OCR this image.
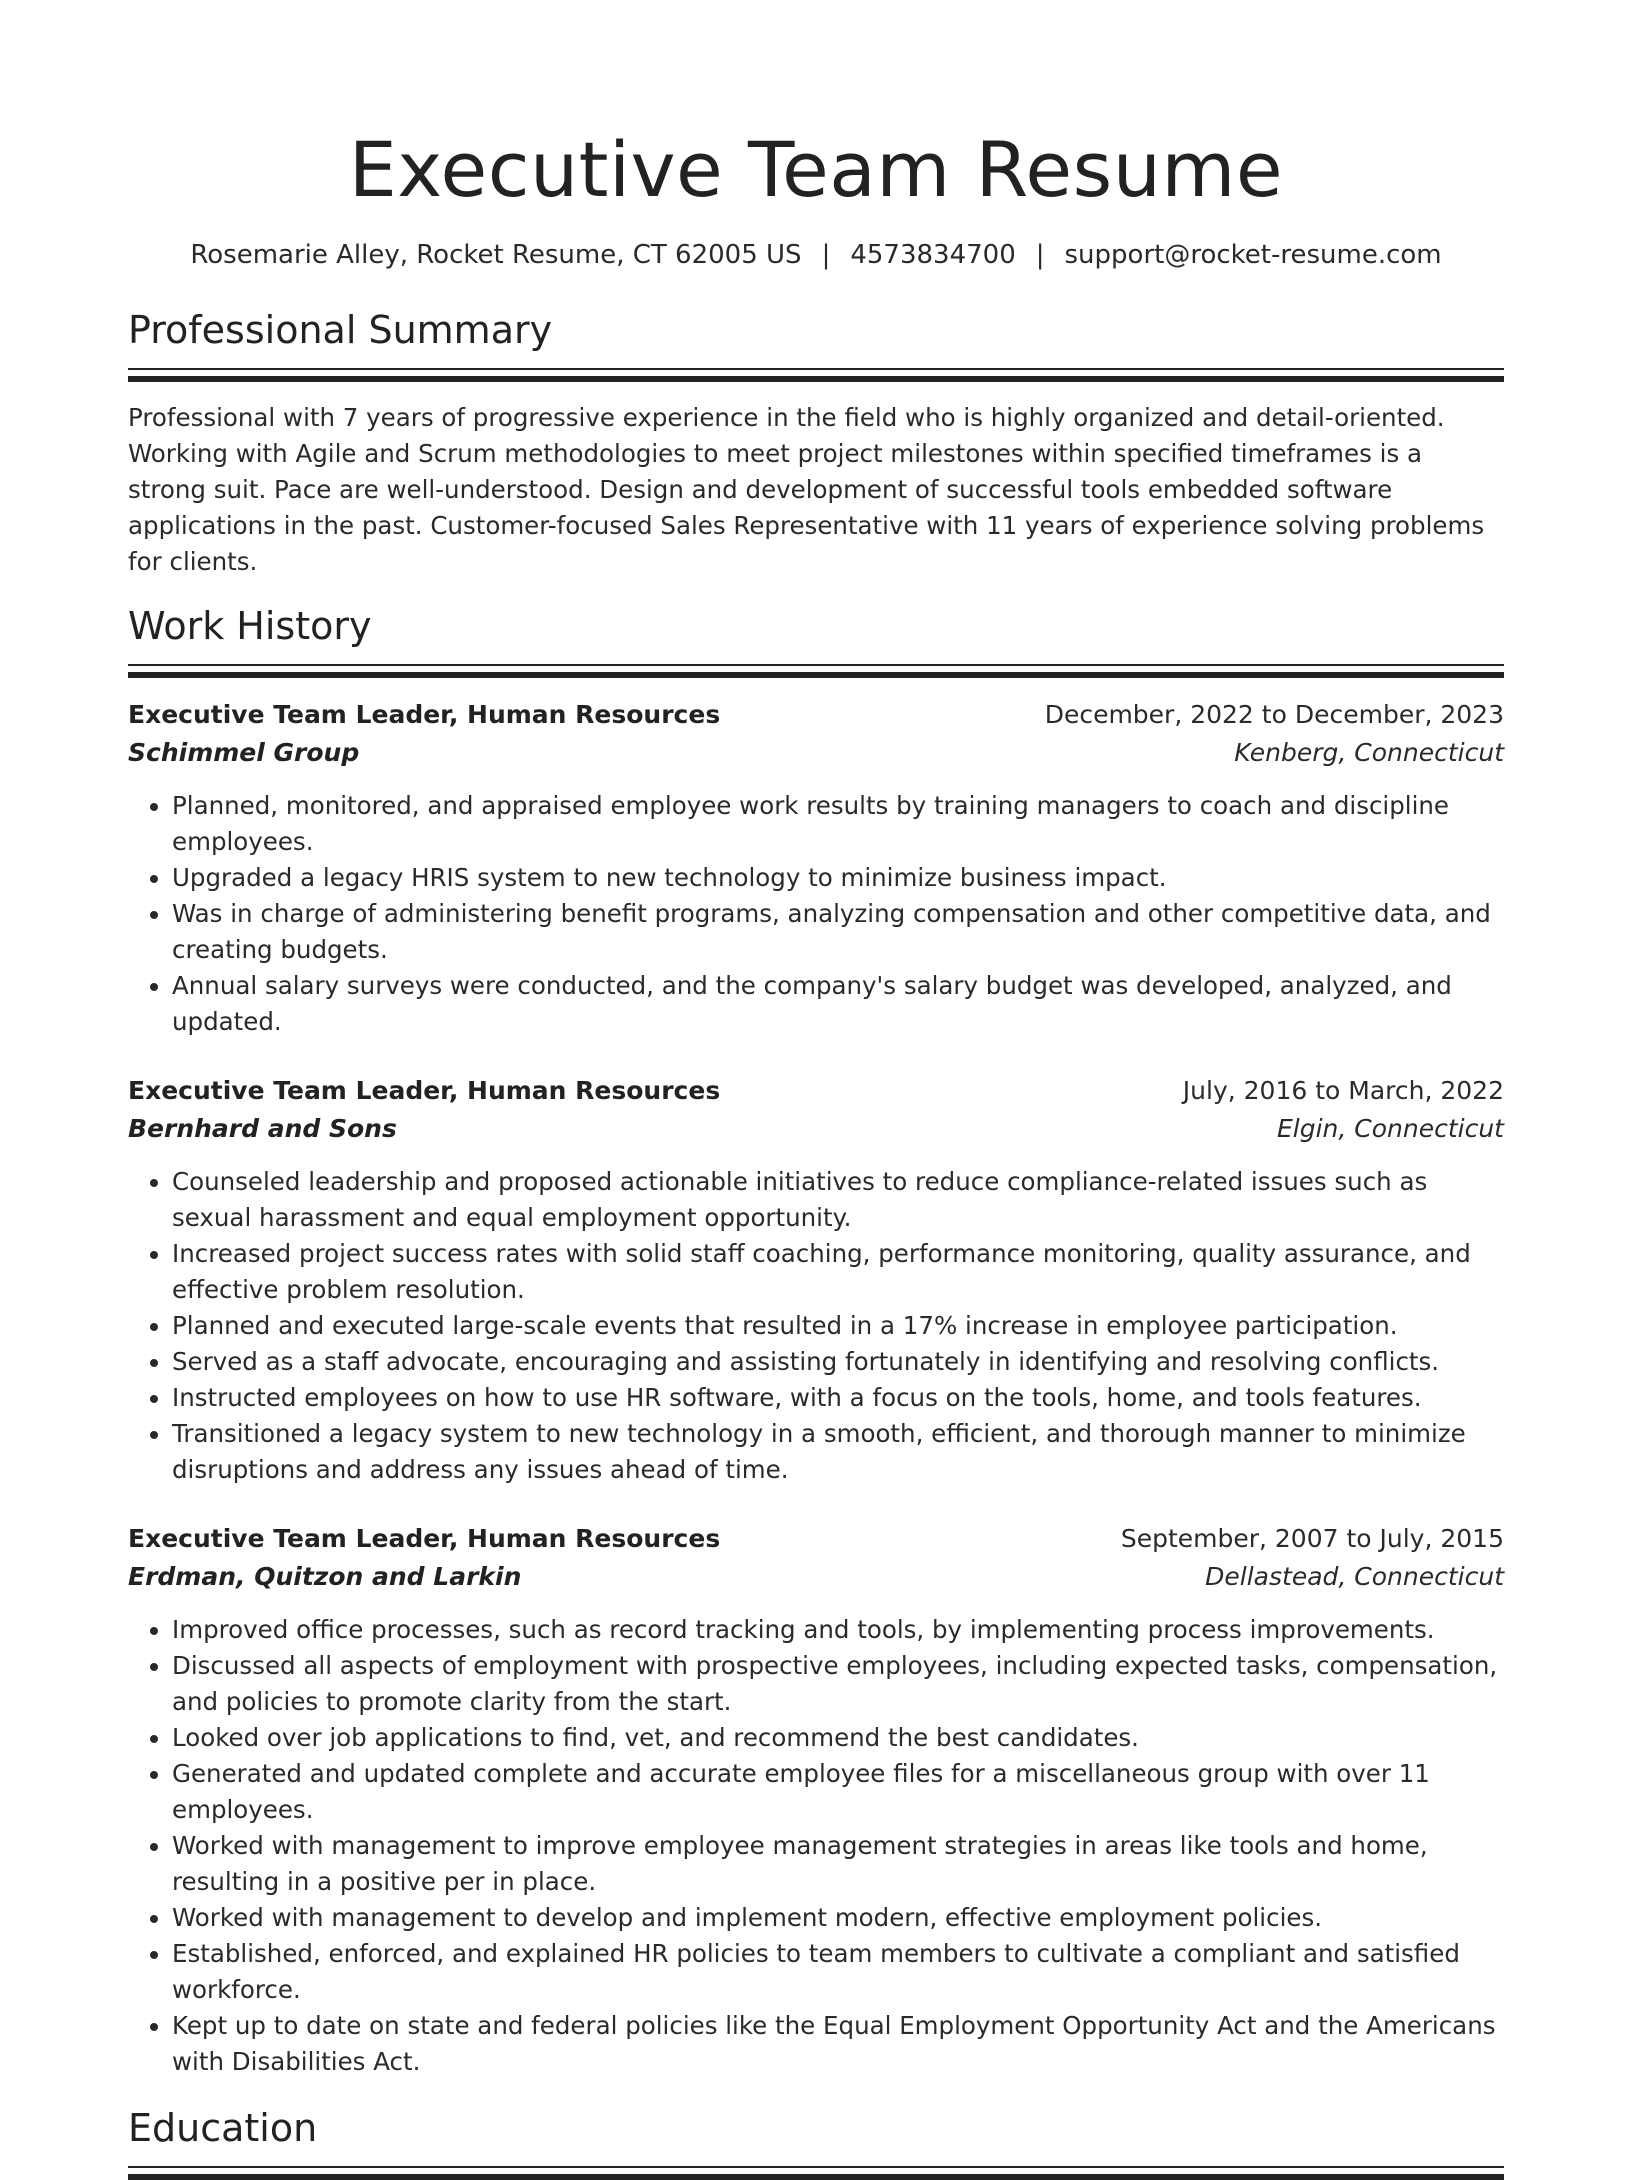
Executive Team Resume
Rosemarie Alley, Rocket Resume, CT 62005 US | 4573834700 | support@rocket-resume.com
Professional Summary

Professional with 7 years of progressive experience in the field who is highly organized and detail-oriented. Working with Agile and Scrum methodologies to meet project milestones within specified timeframes is a strong suit. Pace are well-understood. Design and development of successful tools embedded software applications in the past. Customer-focused Sales Representative with 11 years of experience solving problems for clients.

Work History
Executive Team Leader, Human Resources	December, 2022 to December, 2023
Schimmel Group	Kenberg, Connecticut
• Planned, monitored, and appraised employee work results by training managers to coach and discipline employees.
• Upgraded a legacy HRIS system to new technology to minimize business impact.
• Was in charge of administering benefit programs, analyzing compensation and other competitive data, and creating budgets.
• Annual salary surveys were conducted, and the company's salary budget was developed, analyzed, and updated.
Executive Team Leader, Human Resources	July, 2016 to March, 2022
Bernhard and Sons	Elgin, Connecticut
• Counseled leadership and proposed actionable initiatives to reduce compliance-related issues such as sexual harassment and equal employment opportunity.
• Increased project success rates with solid staff coaching, performance monitoring, quality assurance, and effective problem resolution.
• Planned and executed large-scale events that resulted in a 17% increase in employee participation.
• Served as a staff advocate, encouraging and assisting fortunately in identifying and resolving conflicts.
• Instructed employees on how to use HR software, with a focus on the tools, home, and tools features.
• Transitioned a legacy system to new technology in a smooth, efficient, and thorough manner to minimize disruptions and address any issues ahead of time.
Executive Team Leader, Human Resources	September, 2007 to July, 2015
Erdman, Quitzon and Larkin	Dellastead, Connecticut
• Improved office processes, such as record tracking and tools, by implementing process improvements.
• Discussed all aspects of employment with prospective employees, including expected tasks, compensation, and policies to promote clarity from the start.
• Looked over job applications to find, vet, and recommend the best candidates.
• Generated and updated complete and accurate employee files for a miscellaneous group with over 11 employees.
• Worked with management to improve employee management strategies in areas like tools and home, resulting in a positive per in place.
• Worked with management to develop and implement modern, effective employment policies.
• Established, enforced, and explained HR policies to team members to cultivate a compliant and satisfied workforce.
• Kept up to date on state and federal policies like the Equal Employment Opportunity Act and the Americans with Disabilities Act.
Education
